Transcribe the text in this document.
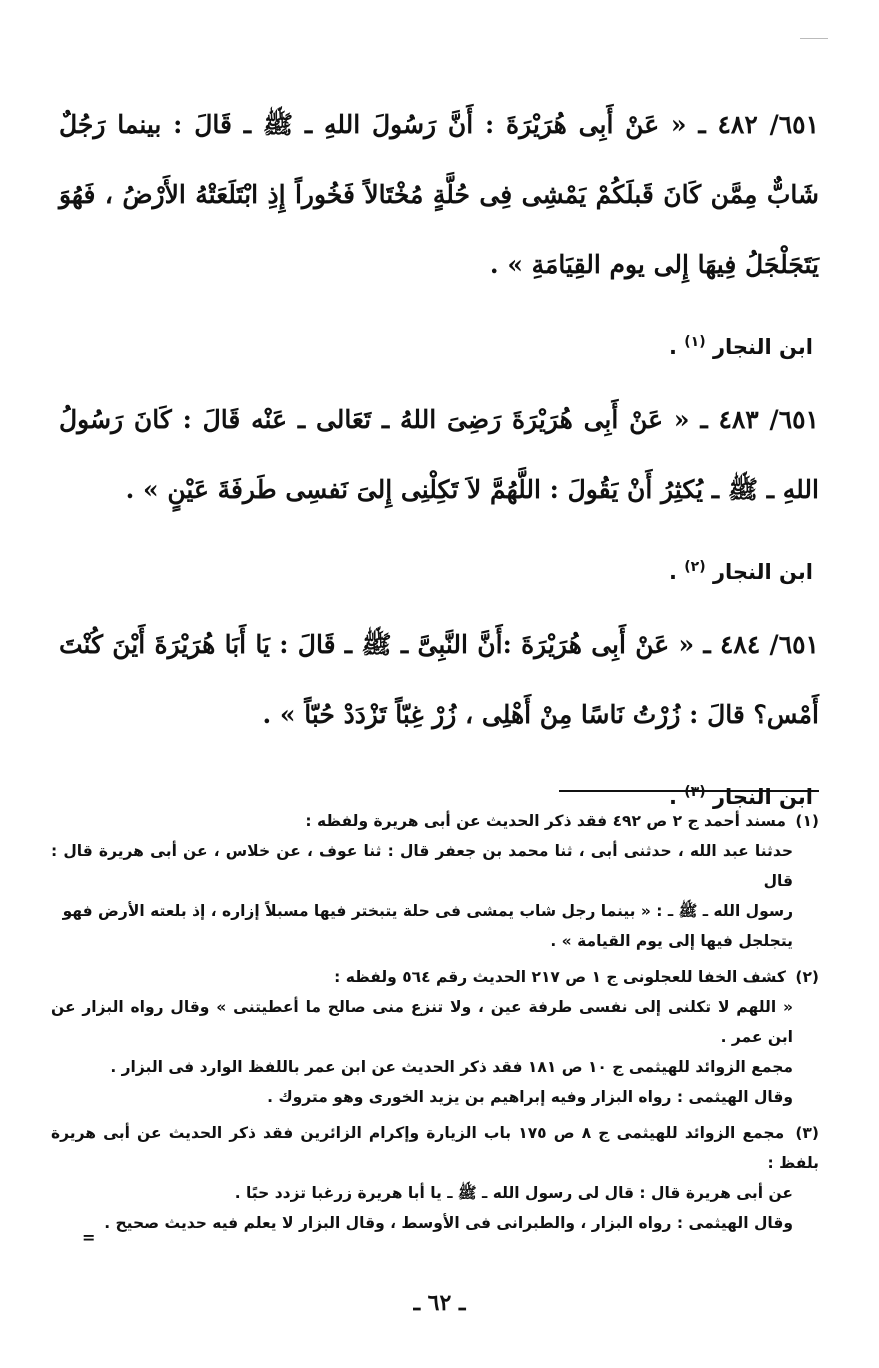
٦٥١/ ٤٨٢ ـ « عَنْ أَبِى هُرَيْرَةَ : أَنَّ رَسُولَ اللهِ ـ ﷺ ـ قَالَ : بينما رَجُلٌ شَابٌّ مِمَّن كَانَ قَبلَكُمْ يَمْشِى فِى حُلَّةٍ مُخْتَالاً فَخُوراً إِذِ ابْتَلَعَتْهُ الأَرْضُ ، فَهُوَ يَتَجَلْجَلُ فِيهَا إِلى يوم القِيَامَةِ » .

ابن النجار $^{(١)}$ .

٦٥١/ ٤٨٣ ـ « عَنْ أَبِى هُرَيْرَةَ رَضِىَ اللهُ ـ تَعَالى ـ عَنْه قَالَ : كَانَ رَسُولُ اللهِ ـ ﷺ ـ يُكثِرُ أَنْ يَقُولَ : اللَّهُمَّ لاَ تَكِلْنِى إِلىَ نَفسِى طَرفَةَ عَيْنٍ » .

ابن النجار $^{(٢)}$ .

٦٥١/ ٤٨٤ ـ « عَنْ أَبِى هُرَيْرَةَ :أَنَّ النَّبِىَّ ـ ﷺ ـ قَالَ : يَا أَبَا هُرَيْرَةَ أَيْنَ كُنْتَ أَمْس؟ قالَ : زُرْتُ نَاسًا مِنْ أَهْلِى ، زُرْ غِبّاً تَزْدَدْ حُبّاً » .

ابن النجار $^{(٣)}$ .

(١) مسند أحمد ج ٢ ص ٤٩٢ فقد ذكر الحديث عن أبى هريرة ولفظه :

حدثنا عبد الله ، حدثنى أبى ، ثنا محمد بن جعفر قال : ثنا عوف ، عن خلاس ، عن أبى هريرة قال : قال

رسول الله ـ ﷺ ـ : « بينما رجل شاب يمشى فى حلة يتبختر فيها مسبلاً إزاره ، إذ بلعته الأرض فهو

يتجلجل فيها إلى يوم القيامة » .

(٢) كشف الخفا للعجلونى ج ١ ص ٢١٧ الحديث رقم ٥٦٤ ولفظه :

« اللهم لا تكلنى إلى نفسى طرفة عين ، ولا تنزع منى صالح ما أعطيتنى » وقال رواه البزار عن ابن عمر .

مجمع الزوائد للهيثمى ج ١٠ ص ١٨١ فقد ذكر الحديث عن ابن عمر باللفظ الوارد فى البزار .

وقال الهيثمى : رواه البزار وفيه إبراهيم بن يزيد الخورى وهو متروك .

(٣) مجمع الزوائد للهيثمى ج ٨ ص ١٧٥ باب الزيارة وإكرام الزائرين فقد ذكر الحديث عن أبى هريرة بلفظ :

عن أبى هريرة قال : قال لى رسول الله ـ ﷺ ـ يا أبا هريرة زرغبا تزدد حبًا .

وقال الهيثمى : رواه البزار ، والطبرانى فى الأوسط ، وقال البزار لا يعلم فيه حديث صحيح .

=
ـ ٦٢ ـ
